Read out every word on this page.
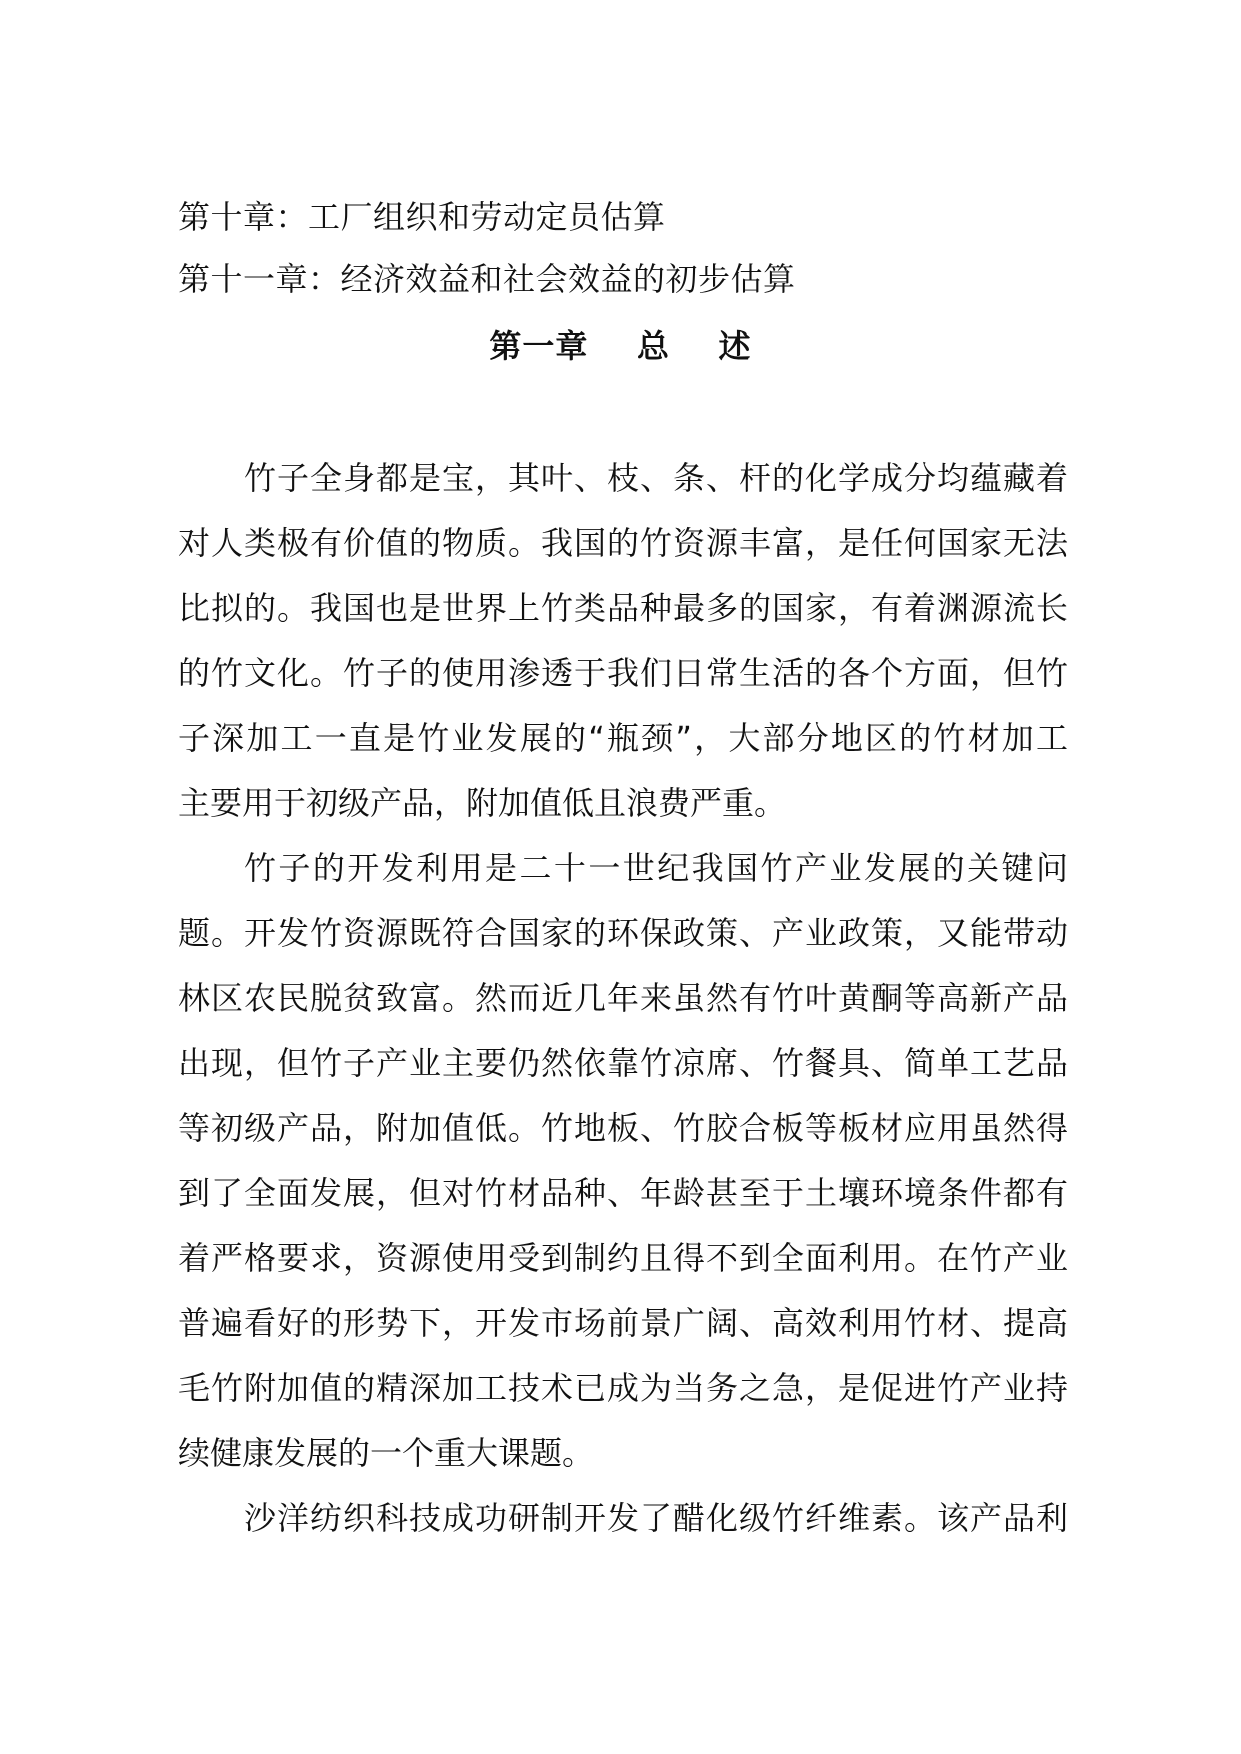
第十章：工厂组织和劳动定员估算
第十一章：经济效益和社会效益的初步估算
第一章    总    述
竹子全身都是宝，其叶、枝、条、杆的化学成分均蕴藏着
对人类极有价值的物质。我国的竹资源丰富，是任何国家无法
比拟的。我国也是世界上竹类品种最多的国家，有着渊源流长
的竹文化。竹子的使用渗透于我们日常生活的各个方面，但竹
子深加工一直是竹业发展的“瓶颈”，大部分地区的竹材加工
主要用于初级产品，附加值低且浪费严重。
竹子的开发利用是二十一世纪我国竹产业发展的关键问
题。开发竹资源既符合国家的环保政策、产业政策，又能带动
林区农民脱贫致富。然而近几年来虽然有竹叶黄酮等高新产品
出现，但竹子产业主要仍然依靠竹凉席、竹餐具、简单工艺品
等初级产品，附加值低。竹地板、竹胶合板等板材应用虽然得
到了全面发展，但对竹材品种、年龄甚至于土壤环境条件都有
着严格要求，资源使用受到制约且得不到全面利用。在竹产业
普遍看好的形势下，开发市场前景广阔、高效利用竹材、提高
毛竹附加值的精深加工技术已成为当务之急，是促进竹产业持
续健康发展的一个重大课题。
沙洋纺织科技成功研制开发了醋化级竹纤维素。该产品利
